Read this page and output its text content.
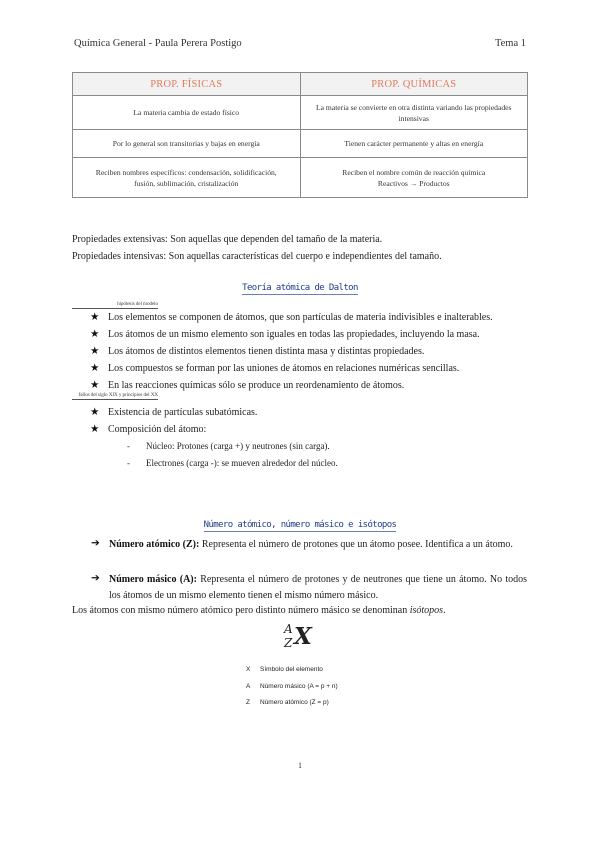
Química General - Paula Perera Postigo	Tema 1
PROP. FÍSICAS	PROP. QUÍMICAS
La materia cambia de estado físico	La materia se convierte en otra distinta variando las propiedades intensivas
Por lo general son transitorias y bajas en energía	Tienen carácter permanente y altas en energía
Reciben nombres específicos: condensación, solidificación, fusión, sublimación, cristalización	Reciben el nombre común de reacción química
Reactivos → Productos
Propiedades extensivas: Son aquellas que dependen del tamaño de la materia.
Propiedades intensivas: Son aquellas características del cuerpo e independientes del tamaño.
Teoría atómica de Dalton
hipótesis del modelo
★ Los elementos se componen de átomos, que son partículas de materia indivisibles e inalterables.
★ Los átomos de un mismo elemento son iguales en todas las propiedades, incluyendo la masa.
★ Los átomos de distintos elementos tienen distinta masa y distintas propiedades.
★ Los compuestos se forman por las uniones de átomos en relaciones numéricas sencillas.
★ En las reacciones químicas sólo se produce un reordenamiento de átomos.
fallos del siglo XIX y principios del XX
★ Existencia de partículas subatómicas.
★ Composición del átomo:
- Núcleo: Protones (carga +) y neutrones (sin carga).
- Electrones (carga -): se mueven alrededor del núcleo.
Número atómico, número másico e isótopos
➔ Número atómico (Z): Representa el número de protones que un átomo posee. Identifica a un átomo.
➔ Número másico (A): Representa el número de protones y de neutrones que tiene un átomo. No todos los átomos de un mismo elemento tienen el mismo número másico.
Los átomos con mismo número atómico pero distinto número másico se denominan isótopos.
A
Z X
X Símbolo del elemento
A Número másico (A = p + n)
Z Número atómico (Z = p)
1
